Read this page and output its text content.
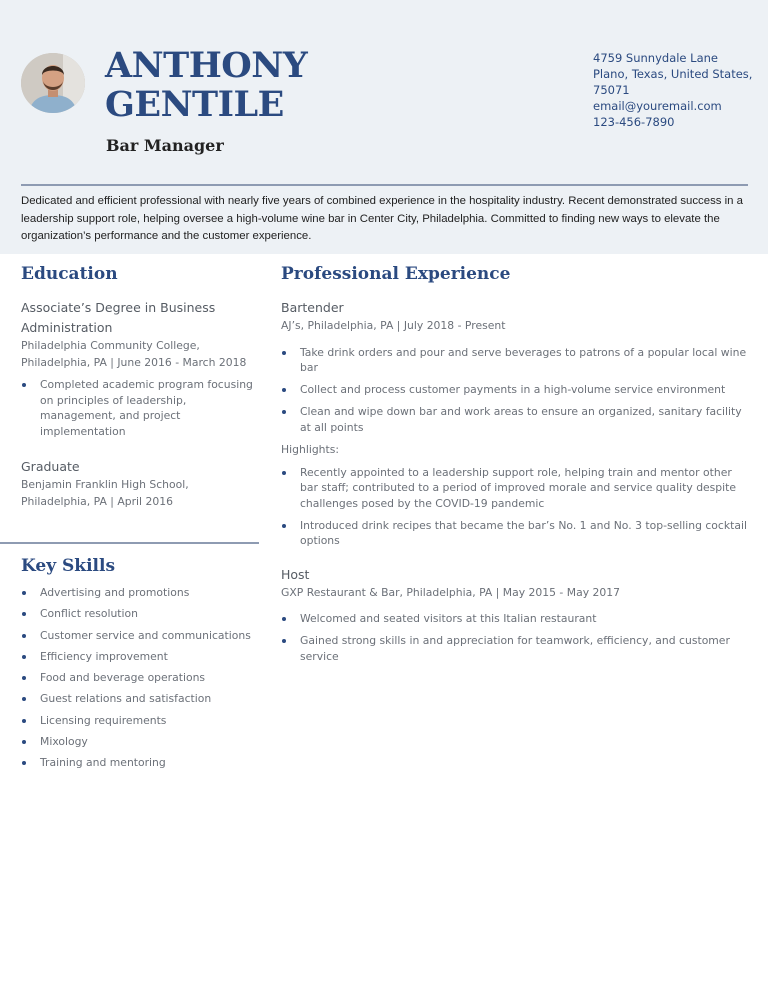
ANTHONY
GENTILE
Bar Manager
4759 Sunnydale Lane
Plano, Texas, United States,
75071
email@youremail.com
123-456-7890
Dedicated and efficient professional with nearly five years of combined experience in the hospitality industry. Recent demonstrated success in a leadership support role, helping oversee a high-volume wine bar in Center City, Philadelphia. Committed to finding new ways to elevate the organization’s performance and the customer experience.
Education
Associate’s Degree in Business
Administration
Philadelphia Community College,
Philadelphia, PA | June 2016 - March 2018
Completed academic program focusing on principles of leadership, management, and project implementation
Graduate
Benjamin Franklin High School,
Philadelphia, PA | April 2016
Key Skills
Advertising and promotions
Conflict resolution
Customer service and communications
Efficiency improvement
Food and beverage operations
Guest relations and satisfaction
Licensing requirements
Mixology
Training and mentoring
Professional Experience
Bartender
AJ’s, Philadelphia, PA | July 2018 - Present
Take drink orders and pour and serve beverages to patrons of a popular local wine bar
Collect and process customer payments in a high-volume service environment
Clean and wipe down bar and work areas to ensure an organized, sanitary facility at all points
Highlights:
Recently appointed to a leadership support role, helping train and mentor other bar staff; contributed to a period of improved morale and service quality despite challenges posed by the COVID-19 pandemic
Introduced drink recipes that became the bar’s No. 1 and No. 3 top-selling cocktail options
Host
GXP Restaurant & Bar, Philadelphia, PA | May 2015 - May 2017
Welcomed and seated visitors at this Italian restaurant
Gained strong skills in and appreciation for teamwork, efficiency, and customer service
